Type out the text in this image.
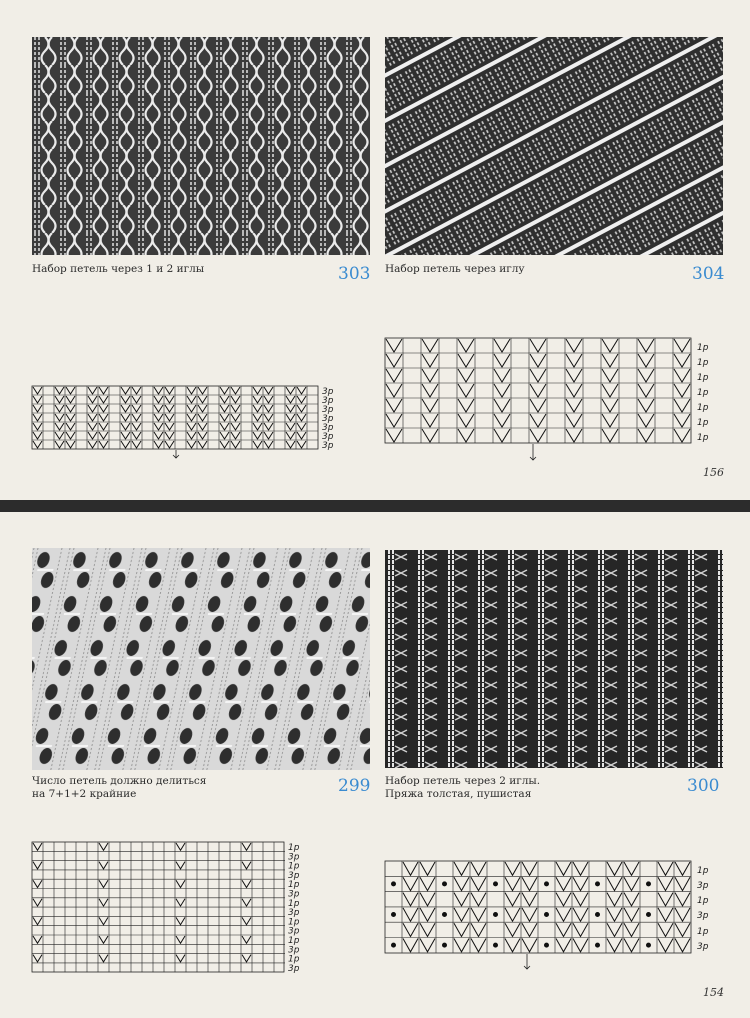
Набор петель через 1 и 2 иглы	303 Набор петель через иглу	304
3р
3р
3р
3р
3р
3р
3р
1р
1р
1р
1р
1р
1р
1р
156
Число петель должно делиться
на 7+1+2 крайние	299 Набор петель через 2 иглы.
Пряжа толстая, пушистая	300
1р
3р
1р
3р
1р
3р
1р
3р
1р
3р
1р
3р
1р
3р
1р
3р
1р
3р
1р
3р
154
